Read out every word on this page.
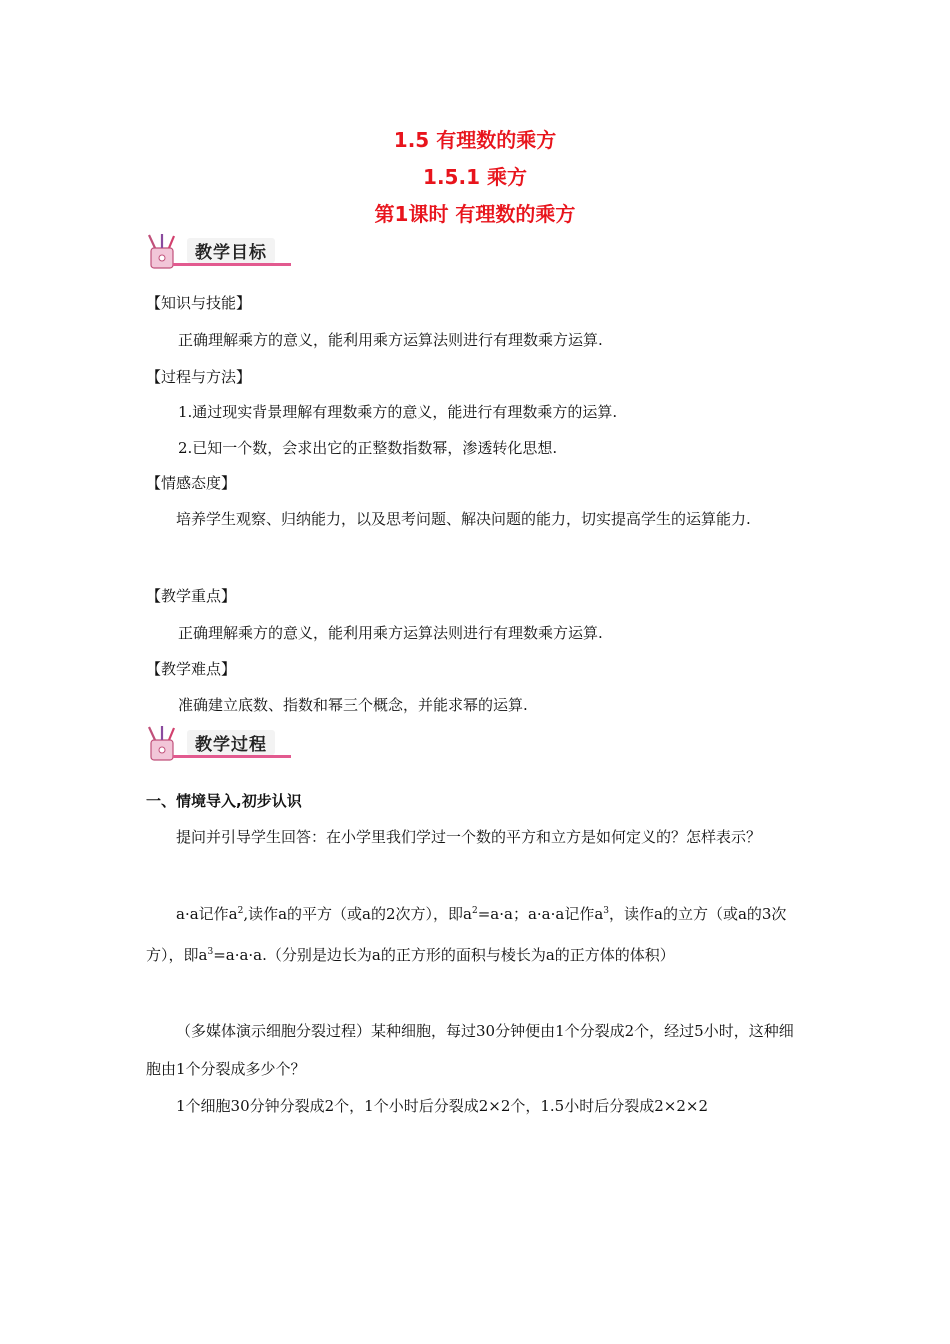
1.5 有理数的乘方
1.5.1 乘方
第1课时 有理数的乘方
教学目标
【知识与技能】
正确理解乘方的意义，能利用乘方运算法则进行有理数乘方运算.
【过程与方法】
1.通过现实背景理解有理数乘方的意义，能进行有理数乘方的运算.
2.已知一个数，会求出它的正整数指数幂，渗透转化思想.
【情感态度】
培养学生观察、归纳能力，以及思考问题、解决问题的能力，切实提高学生的运算能力.
【教学重点】
正确理解乘方的意义，能利用乘方运算法则进行有理数乘方运算.
【教学难点】
准确建立底数、指数和幂三个概念，并能求幂的运算.
教学过程
一、情境导入,初步认识
提问并引导学生回答：在小学里我们学过一个数的平方和立方是如何定义的？怎样表示？
a·a记作$a^2$,读作a的平方（或a的2次方），即$a^2=a\cdot a$；a·a·a记作$a^3$，读作a的立方（或a的3次方），即$a^3=a\cdot a\cdot a$.（分别是边长为a的正方形的面积与棱长为a的正方体的体积）
（多媒体演示细胞分裂过程）某种细胞，每过30分钟便由1个分裂成2个，经过5小时，这种细胞由1个分裂成多少个？
1个细胞30分钟分裂成2个，1个小时后分裂成2×2个，1.5小时后分裂成2×2×2
